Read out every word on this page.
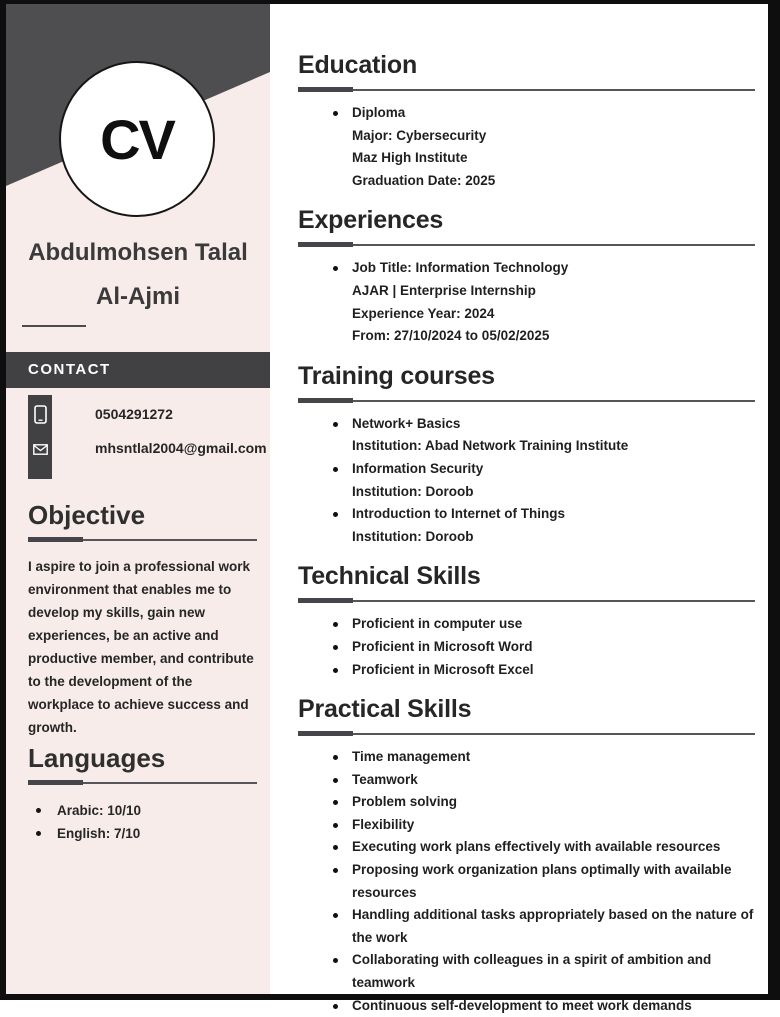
CV
Abdulmohsen Talal
Al-Ajmi
CONTACT
0504291272
mhsntlal2004@gmail.com
Objective

I aspire to join a professional work environment that enables me to develop my skills, gain new experiences, be an active and productive member, and contribute to the development of the workplace to achieve success and growth.

Languages
Arabic: 10/10
English: 7/10
Education
Diploma
Major: Cybersecurity
Maz High Institute
Graduation Date: 2025
Experiences
Job Title: Information Technology
AJAR | Enterprise Internship
Experience Year: 2024
From: 27/10/2024 to 05/02/2025
Training courses
Network+ Basics
Institution: Abad Network Training Institute
Information Security
Institution: Doroob
Introduction to Internet of Things
Institution: Doroob
Technical Skills
Proficient in computer use
Proficient in Microsoft Word
Proficient in Microsoft Excel
Practical Skills
Time management
Teamwork
Problem solving
Flexibility
Executing work plans effectively with available resources
Proposing work organization plans optimally with available resources
Handling additional tasks appropriately based on the nature of the work
Collaborating with colleagues in a spirit of ambition and teamwork
Continuous self-development to meet work demands
